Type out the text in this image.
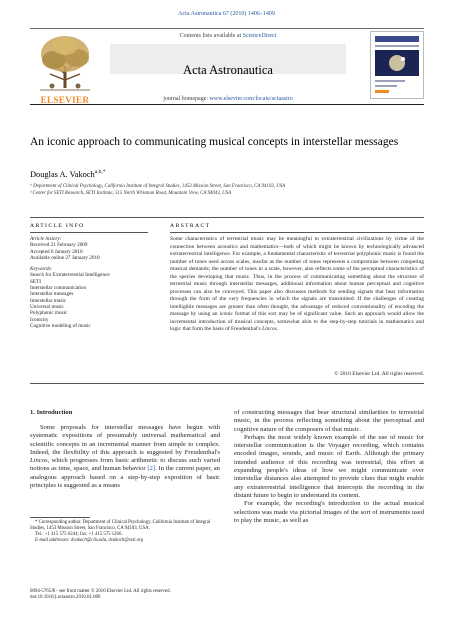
Acta Astronautica 67 (2010) 1406–1409
ELSEVIER
Contents lists available at ScienceDirect
Acta Astronautica
journal homepage: www.elsevier.com/locate/actaastro
An iconic approach to communicating musical concepts in interstellar messages
Douglas A. Vakoch$^{a,b,*}$
ᵃ Department of Clinical Psychology, California Institute of Integral Studies, 1453 Mission Street, San Francisco, CA 94103, USA
ᵇ Center for SETI Research, SETI Institute, 515 North Whisman Road, Mountain View, CA 94043, USA
ARTICLE INFO	ABSTRACT
Article history:
Received 21 February 2009
Accepted 6 January 2010
Available online 27 January 2010
Keywords:
Search for Extraterrestrial Intelligence
SETI
Interstellar communication
Interstellar messages
Interstellar music
Universal music
Polyphonic music
Iconicity
Cognitive modeling of music
Some characteristics of terrestrial music may be meaningful to extraterrestrial civilizations by virtue of the connection between acoustics and mathematics—both of which might be known by technologically advanced extraterrestrial intelligence. For example, a fundamental characteristic of terrestrial polyphonic music is found the number of tones used across scales, insofar as the number of tones represents a compromise between competing musical demands; the number of tones in a scale, however, also reflects some of the perceptual characteristics of the species developing that music. Thus, in the process of communicating something about the structure of terrestrial music through interstellar messages, additional information about human perceptual and cognitive processes can also be conveyed. This paper also discusses methods for sending signals that bear information through the form of the very frequencies in which the signals are transmitted. If the challenges of creating intelligible messages are greater than often thought, the advantage of reduced conventionality of encoding the message by using an iconic format of this sort may be of significant value. Such an approach would allow the incremental introduction of musical concepts, somewhat akin to the step-by-step tutorials in mathematics and logic that form the basis of Freudenthal's Lincos.
© 2010 Elsevier Ltd. All rights reserved.
1. Introduction

Some proposals for interstellar messages have begun with systematic expositions of presumably universal mathematical and scientific concepts in an incremental manner from simple to complex. Indeed, the flexibility of this approach is suggested by Freudenthal's Lincos, which progresses from basic arithmetic to discuss such varied notions as time, space, and human behavior [2]. In the current paper, an analogous approach based on a step-by-step exposition of basic principles is suggested as a means

* Corresponding author. Department of Clinical Psychology, California Institute of Integral Studies, 1453 Mission Street, San Francisco, CA 94103, USA.

Tel.: +1 415 575 6244; fax: +1 415 575 1266.

E-mail addresses: dvakoch@ciis.edu, dvakoch@seti.org

of constructing messages that bear structural similarities to terrestrial music, in the process reflecting something about the perceptual and cognitive nature of the composers of that music.

Perhaps the most widely known example of the use of music for interstellar communication is the Voyager recording, which contains encoded images, sounds, and music of Earth. Although the primary intended audience of this recording was terrestrial, this effort at expanding people's ideas of how we might communicate over interstellar distances also attempted to provide clues that might enable any extraterrestrial intelligence that intercepts the recording in the distant future to begin to understand its content.

For example, the recording's introduction to the actual musical selections was made via pictorial images of the sort of instruments used to play the music, as well as

0094-5765/$ - see front matter © 2010 Elsevier Ltd. All rights reserved.
doi:10.1016/j.actaastro.2010.01.006
